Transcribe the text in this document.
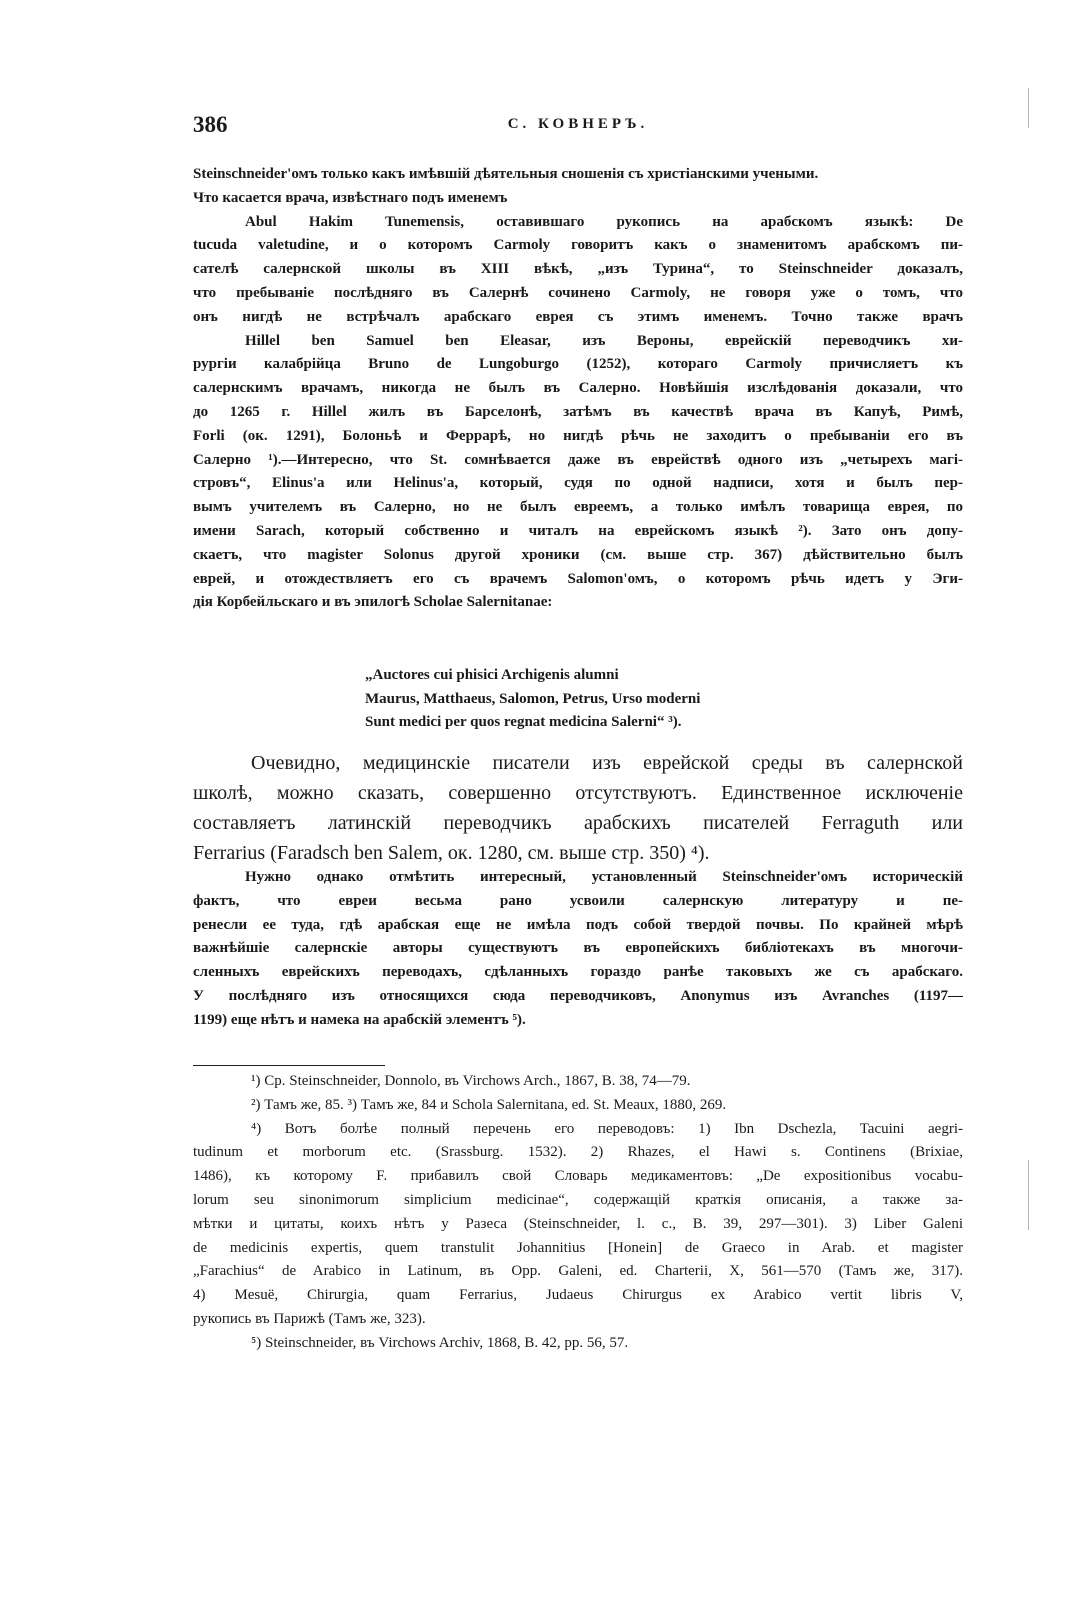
386	С. КОВНЕРЪ.
Steinschneider'омъ только какъ имѣвшій дѣятельныя сношенія съ христіанскими учеными.
Что касается врача, извѣстнаго подъ именемъ
Abul Hakim Tunemensis, оставившаго рукопись на арабскомъ языкѣ: De
tucuda valetudine, и о которомъ Carmoly говоритъ какъ о знаменитомъ арабскомъ пи-
сателѣ салернской школы въ XIII вѣкѣ, „изъ Турина“, то Steinschneider доказалъ,
что пребываніе послѣдняго въ Салернѣ сочинено Carmoly, не говоря уже о томъ, что
онъ нигдѣ не встрѣчалъ арабскаго еврея съ этимъ именемъ. Точно также врачъ
Hillel ben Samuel ben Eleasar, изъ Вероны, еврейскій переводчикъ хи-
рургіи калабрійца Bruno de Lungoburgo (1252), котораго Carmoly причисляетъ къ
салернскимъ врачамъ, никогда не былъ въ Салерно. Новѣйшія изслѣдованія доказали, что
до 1265 г. Hillel жилъ въ Барселонѣ, затѣмъ въ качествѣ врача въ Капуѣ, Римѣ,
Forli (ок. 1291), Болоньѣ и Феррарѣ, но нигдѣ рѣчь не заходитъ о пребываніи его въ
Салерно ¹).—Интересно, что St. сомнѣвается даже въ еврействѣ одного изъ „четырехъ магі-
стровъ“, Elinus'а или Helinus'а, который, судя по одной надписи, хотя и былъ пер-
вымъ учителемъ въ Салерно, но не былъ евреемъ, а только имѣлъ товарища еврея, по
имени Sarach, который собственно и читалъ на еврейскомъ языкѣ ²). Зато онъ допу-
скаетъ, что magister Solonus другой хроники (см. выше стр. 367) дѣйствительно былъ
еврей, и отождествляетъ его съ врачемъ Salomon'омъ, о которомъ рѣчь идетъ у Эги-
дія Корбейльскаго и въ эпилогѣ Scholae Salernitanae:
„Auctores cui phisici Archigenis alumni
Maurus, Matthaeus, Salomon, Petrus, Urso moderni
Sunt medici per quos regnat medicina Salerni“ ³).
Очевидно, медицинскіе писатели изъ еврейской среды въ салернской
школѣ, можно сказать, совершенно отсутствуютъ. Единственное исключеніе
составляетъ латинскій переводчикъ арабскихъ писателей Ferraguth или
Ferrarius (Faradsch ben Salem, ок. 1280, см. выше стр. 350) ⁴).
Нужно однако отмѣтить интересный, установленный Steinschneider'омъ историческій
фактъ, что евреи весьма рано усвоили салернскую литературу и пе-
ренесли ее туда, гдѣ арабская еще не имѣла подъ собой твердой почвы. По крайней мѣрѣ
важнѣйшіе салернскіе авторы существуютъ въ европейскихъ библіотекахъ въ многочи-
сленныхъ еврейскихъ переводахъ, сдѣланныхъ гораздо ранѣе таковыхъ же съ арабскаго.
У послѣдняго изъ относящихся сюда переводчиковъ, Anonymus изъ Avranches (1197—
1199) еще нѣтъ и намека на арабскій элементъ ⁵).
¹) Cp. Steinschneider, Donnolo, въ Virchows Arch., 1867, B. 38, 74—79.
²) Тамъ же, 85. ³) Тамъ же, 84 и Schola Salernitana, ed. St. Meaux, 1880, 269.
⁴) Вотъ болѣе полный перечень его переводовъ: 1) Ibn Dschezla, Tacuini aegri-
tudinum et morborum etc. (Srassburg. 1532). 2) Rhazes, el Hawi s. Continens (Brixiae,
1486), къ которому F. прибавилъ свой Словарь медикаментовъ: „De expositionibus vocabu-
lorum seu sinonimorum simplicium medicinae“, содержащій краткія описанія, а также за-
мѣтки и цитаты, коихъ нѣтъ у Разеса (Steinschneider, l. c., B. 39, 297—301). 3) Liber Galeni
de medicinis expertis, quem transtulit Johannitius [Honein] de Graeco in Arab. et magister
„Farachius“ de Arabico in Latinum, въ Opp. Galeni, ed. Charterii, X, 561—570 (Тамъ же, 317).
4) Mesuë, Chirurgia, quam Ferrarius, Judaeus Chirurgus ex Arabico vertit libris V,
рукопись въ Парижѣ (Тамъ же, 323).
⁵) Steinschneider, въ Virchows Archiv, 1868, B. 42, pp. 56, 57.
